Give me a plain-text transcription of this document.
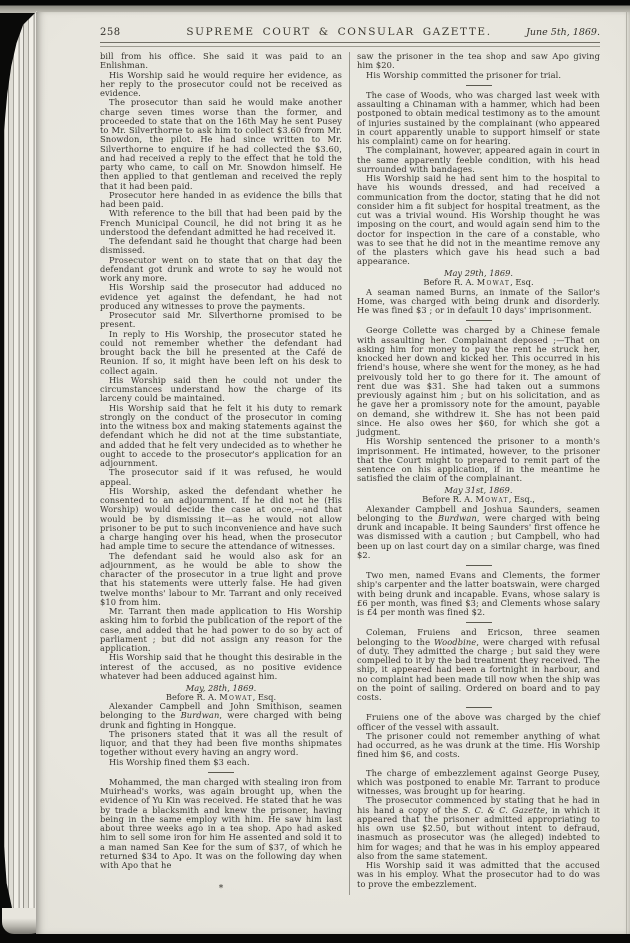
258	SUPREME COURT & CONSULAR GAZETTE.	June 5th, 1869.

bill from his office. She said it was paid to an Enlishman.

His Worship said he would require her evidence, as her reply to the prosecutor could not be received as evidence.

The prosecutor than said he would make another charge seven times worse than the former, and proceeded to state that on the 16th May he sent Pusey to Mr. Silverthorne to ask him to collect $3.60 from Mr. Snowdon, the pilot. He had since written to Mr. Silverthorne to enquire if he had collected the $3.60, and had received a reply to the effect that he told the party who came, to call on Mr. Snowdon himself. He then applied to that gentleman and received the reply that it had been paid.

Prosecutor here handed in as evidence the bills that had been paid.

With reference to the bill that had been paid by the French Municipal Council, he did not bring it as he understood the defendant admitted he had received it.

The defendant said he thought that charge had been dismissed.

Prosecutor went on to state that on that day the defendant got drunk and wrote to say he would not work any more.

His Worship said the prosecutor had adduced no evidence yet against the defendant, he had not produced any witnesses to prove the payments.

Prosecutor said Mr. Silverthorne promised to be present.

In reply to His Worship, the prosecutor stated he could not remember whether the defendant had brought back the bill he presented at the Café de Reunion. If so, it might have been left on his desk to collect again.

His Worship said then he could not under the circumstances understand how the charge of its larceny could be maintained.

His Worship said that he felt it his duty to remark strongly on the conduct of the prosecutor in coming into the witness box and making statements against the defendant which he did not at the time substantiate, and added that he felt very undecided as to whether he ought to accede to the prosecutor's application for an adjournment.

The prosecutor said if it was refused, he would appeal.

His Worship, asked the defendant whether he consented to an adjournment. If he did not he (His Worship) would decide the case at once,—and that would be by dismissing it—as he would not allow prisoner to be put to such inconvenience and have such a charge hanging over his head, when the prosecutor had ample time to secure the attendance of witnesses.

The defendant said he would also ask for an adjournment, as he would be able to show the character of the prosecutor in a true light and prove that his statements were utterly false. He had given twelve months' labour to Mr. Tarrant and only received $10 from him.

Mr. Tarrant then made application to His Worship asking him to forbid the publication of the report of the case, and added that he had power to do so by act of parliament ; but did not assign any reason for the application.

His Worship said that he thought this desirable in the interest of the accused, as no positive evidence whatever had been adduced against him.

May, 28th, 1869.

Before R. A. Mowat, Esq.

Alexander Campbell and John Smithison, seamen belonging to the Burdwan, were charged with being drunk and fighting in Hongque.

The prisoners stated that it was all the result of liquor, and that they had been five months shipmates together without every having an angry word.

His Worship fined them $3 each.

Mohammed, the man charged with stealing iron from Muirhead's works, was again brought up, when the evidence of Yu Kin was received. He stated that he was by trade a blacksmith and knew the prisoner, having being in the same employ with him. He saw him last about three weeks ago in a tea shop. Apo had asked him to sell some iron for him He assented and sold it to a man named San Kee for the sum of $37, of which he returned $34 to Apo. It was on the following day when with Apo that he

*

saw the prisoner in the tea shop and saw Apo giving him $20.

His Worship committed the prisoner for trial.

The case of Woods, who was charged last week with assaulting a Chinaman with a hammer, which had been postponed to obtain medical testimony as to the amount of injuries sustained by the complainant (who appeared in court apparently unable to support himself or state his complaint) came on for hearing.

The complainant, however, appeared again in court in the same apparently feeble condition, with his head surrounded with bandages.

His Worship said he had sent him to the hospital to have his wounds dressed, and had received a communication from the doctor, stating that he did not consider him a fit subject for hospital treatment, as the cut was a trivial wound. His Worship thought he was imposing on the court, and would again send him to the doctor for inspection in the care of a constable, who was to see that he did not in the meantime remove any of the plasters which gave his head such a bad appearance.

May 29th, 1869.

Before R. A. Mowat, Esq.

A seaman named Burns, an inmate of the Sailor's Home, was charged with being drunk and disorderly. He was fined $3 ; or in default 10 days' imprisonment.

George Collette was charged by a Chinese female with assaulting her. Complainant deposed ;—That on asking him for money to pay the rent he struck her, knocked her down and kicked her. This occurred in his friend's house, where she went for the money, as he had preivously told her to go there for it. The amount of rent due was $31. She had taken out a summons previously against him ; but on his solicitation, and as he gave her a promissory note for the amount, payable on demand, she withdrew it. She has not been paid since. He also owes her $60, for which she got a judgment.

His Worship sentenced the prisoner to a month's imprisonment. He intimated, however, to the prisoner that the Court might to prepared to remit part of the sentence on his application, if in the meantime he satisfied the claim of the complainant.

May 31st, 1869.

Before R. A. Mowat, Esq.,

Alexander Campbell and Joshua Saunders, seamen belonging to the Burdwan, were charged with being drunk and incapable. It being Saunders' first offence he was dismissed with a caution ; but Campbell, who had been up on last court day on a similar charge, was fined $2.

Two men, named Evans and Clements, the former ship's carpenter and the latter boatswain, were charged with being drunk and incapable. Evans, whose salary is £6 per month, was fined $3; and Clements whose salary is £4 per month was fined $2.

Coleman, Fruiens and Ericson, three seamen belonging to the Woodbine, were charged with refusal of duty. They admitted the charge ; but said they were compelled to it by the bad treatment they received. The ship, it appeared had been a fortnight in harbour, and no complaint had been made till now when the ship was on the point of sailing. Ordered on board and to pay costs.

Fruiens one of the above was charged by the chief officer of the vessel with assault.

The prisoner could not remember anything of what had occurred, as he was drunk at the time. His Worship fined him $6, and costs.

The charge of embezzlement against George Pusey, which was postponed to enable Mr. Tarrant to produce witnesses, was brought up for hearing.

The prosecutor commenced by stating that he had in his hand a copy of the S. C. & C. Gazette, in which it appeared that the prisoner admitted appropriating to his own use $2.50, but without intent to defraud, inasmuch as prosecutor was (he alleged) indebted to him for wages; and that he was in his employ appeared also from the same statement.

His Worship said it was admitted that the accused was in his employ. What the prosecutor had to do was to prove the embezzlement.
